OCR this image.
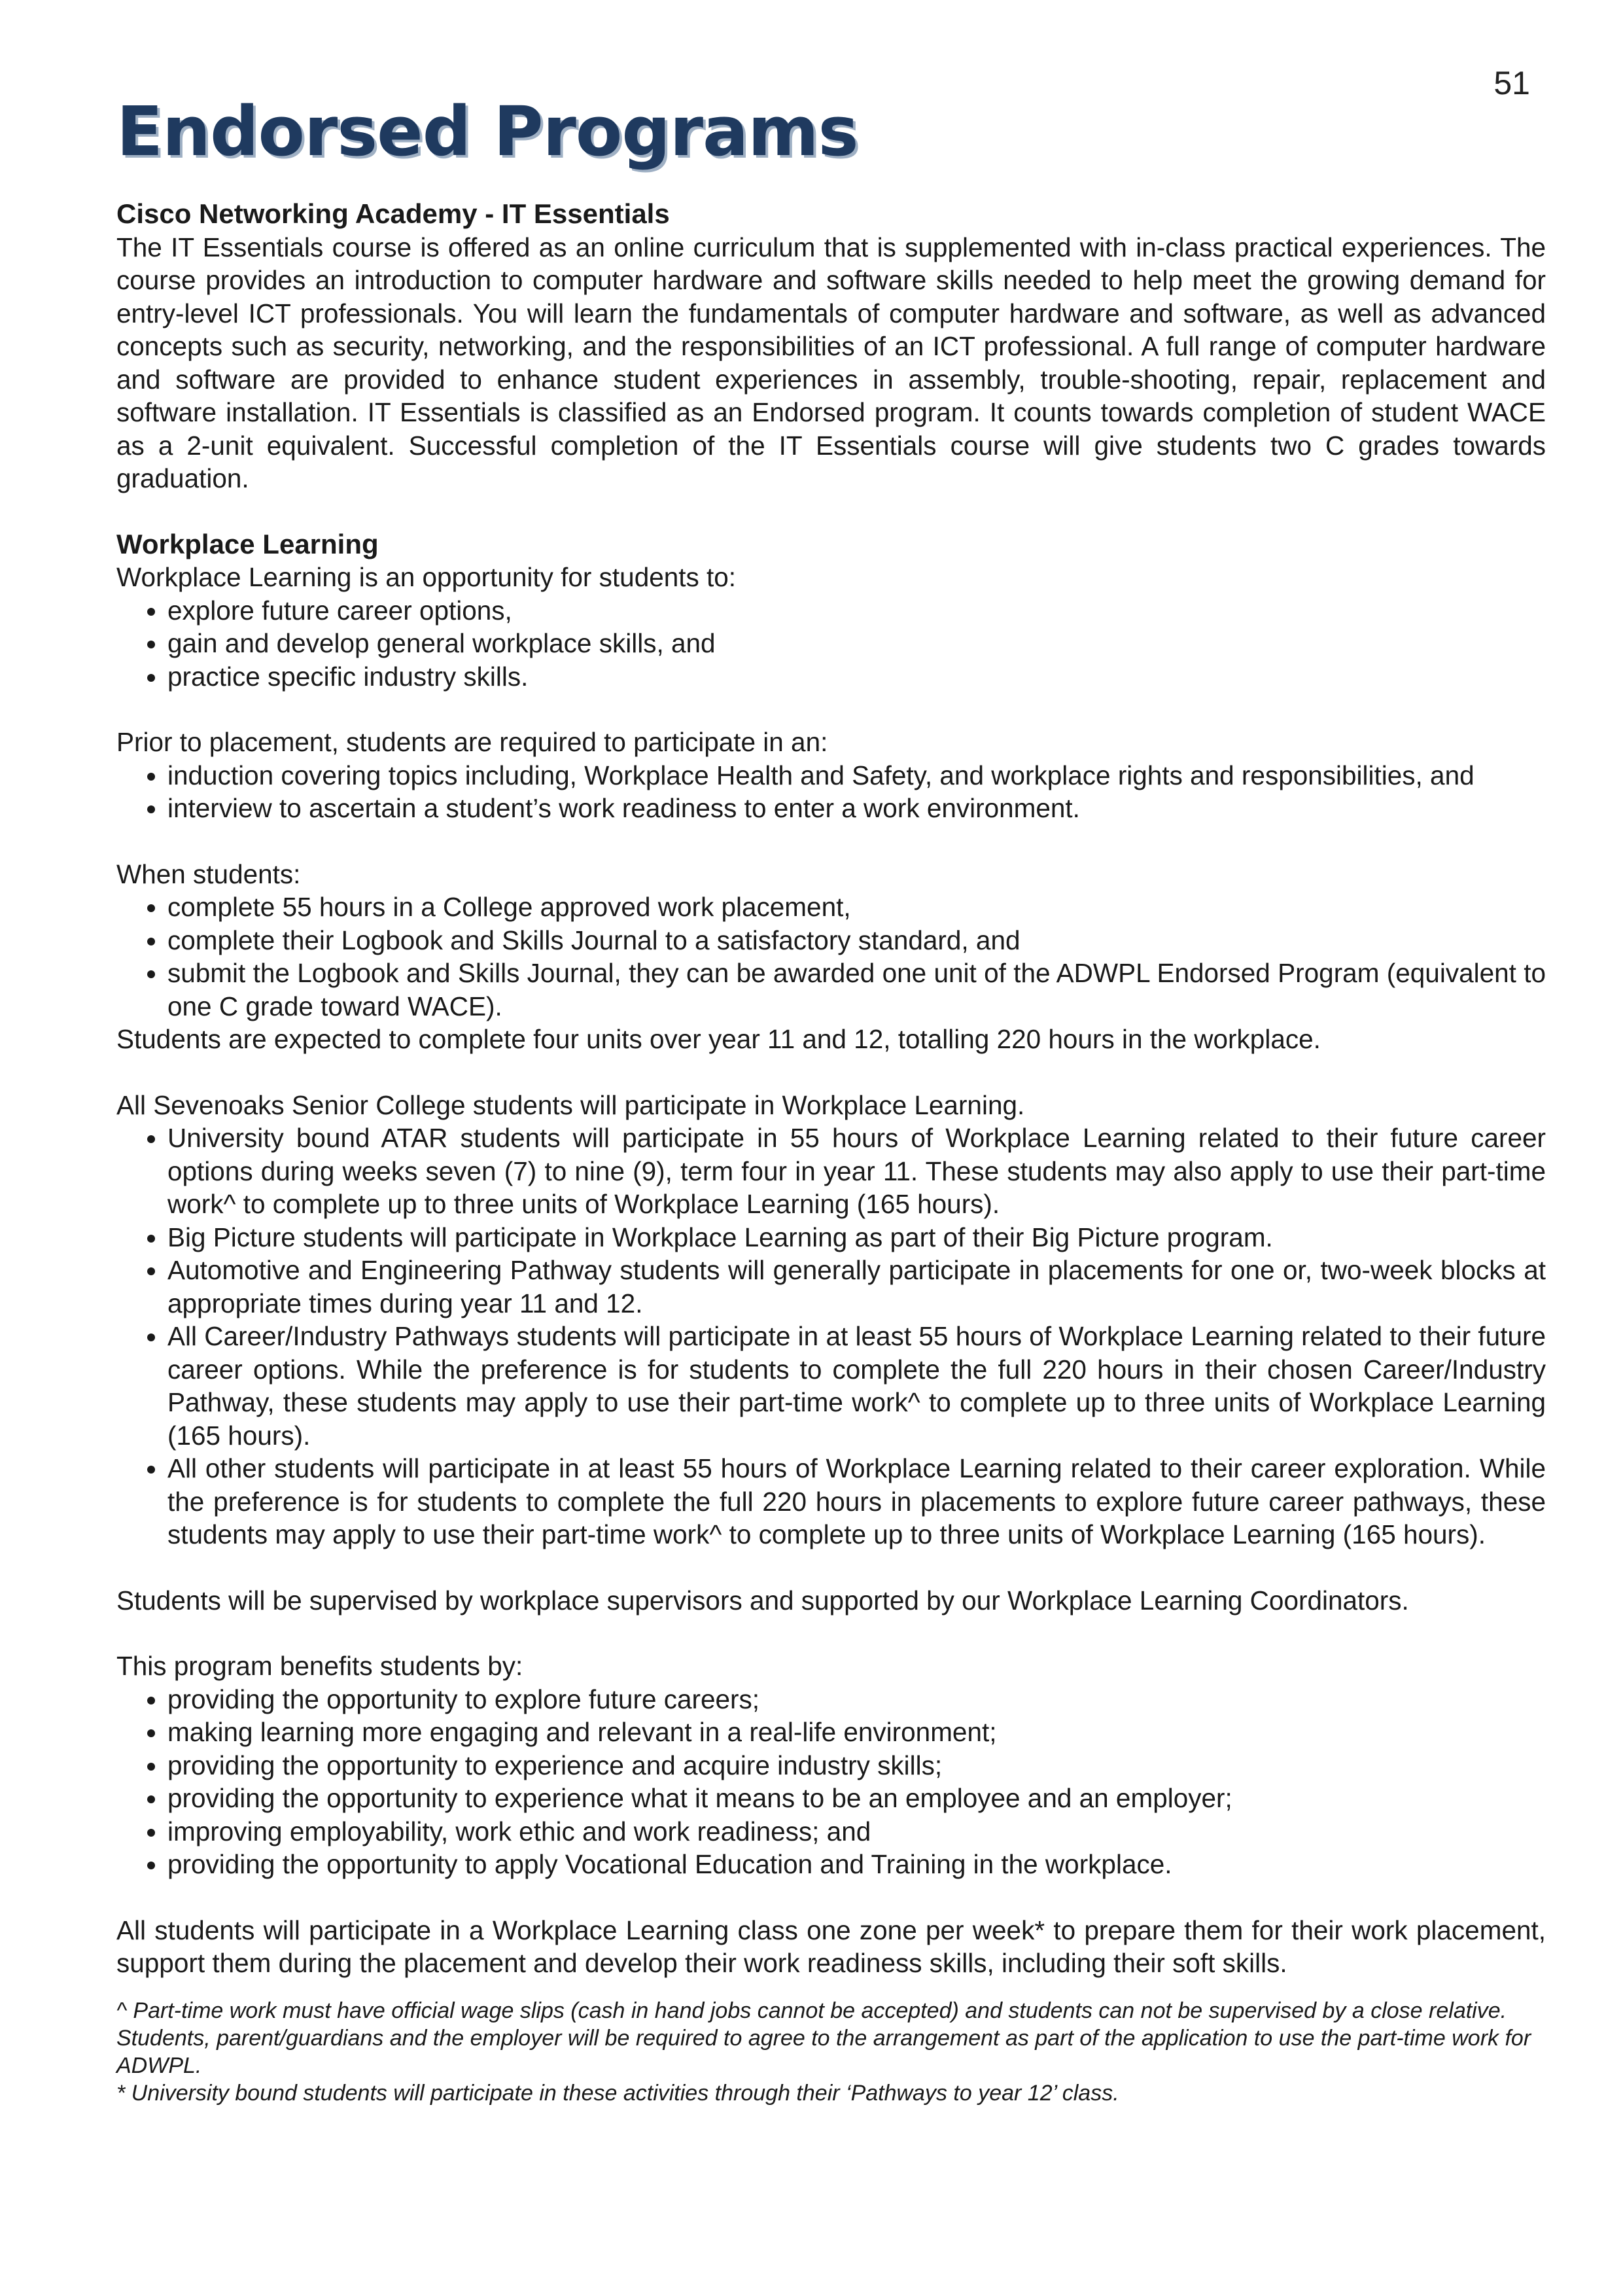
51
Endorsed Programs
Cisco Networking Academy - IT Essentials

The IT Essentials course is offered as an online curriculum that is supplemented with in-class practical experiences. The course provides an introduction to computer hardware and software skills needed to help meet the growing demand for entry-level ICT professionals. You will learn the fundamentals of computer hardware and software, as well as advanced concepts such as security, networking, and the responsibilities of an ICT professional. A full range of computer hardware and software are provided to enhance student experiences in assembly, trouble-shooting, repair, replacement and software installation. IT Essentials is classified as an Endorsed program. It counts towards completion of student WACE as a 2-unit equivalent. Successful completion of the IT Essentials course will give students two C grades towards graduation.

Workplace Learning

Workplace Learning is an opportunity for students to:

• explore future career options,
• gain and develop general workplace skills, and
• practice specific industry skills.

Prior to placement, students are required to participate in an:

• induction covering topics including, Workplace Health and Safety, and workplace rights and responsibilities, and
• interview to ascertain a student’s work readiness to enter a work environment.

When students:

• complete 55 hours in a College approved work placement,
• complete their Logbook and Skills Journal to a satisfactory standard, and
• submit the Logbook and Skills Journal, they can be awarded one unit of the ADWPL Endorsed Program (equivalent to one C grade toward WACE).

Students are expected to complete four units over year 11 and 12, totalling 220 hours in the workplace.

All Sevenoaks Senior College students will participate in Workplace Learning.

• University bound ATAR students will participate in 55 hours of Workplace Learning related to their future career options during weeks seven (7) to nine (9), term four in year 11. These students may also apply to use their part-time work^ to complete up to three units of Workplace Learning (165 hours).
• Big Picture students will participate in Workplace Learning as part of their Big Picture program.
• Automotive and Engineering Pathway students will generally participate in placements for one or, two-week blocks at appropriate times during year 11 and 12.
• All Career/Industry Pathways students will participate in at least 55 hours of Workplace Learning related to their future career options. While the preference is for students to complete the full 220 hours in their chosen Career/Industry Pathway, these students may apply to use their part-time work^ to complete up to three units of Workplace Learning (165 hours).
• All other students will participate in at least 55 hours of Workplace Learning related to their career exploration. While the preference is for students to complete the full 220 hours in placements to explore future career pathways, these students may apply to use their part-time work^ to complete up to three units of Workplace Learning (165 hours).

Students will be supervised by workplace supervisors and supported by our Workplace Learning Coordinators.

This program benefits students by:

• providing the opportunity to explore future careers;
• making learning more engaging and relevant in a real-life environment;
• providing the opportunity to experience and acquire industry skills;
• providing the opportunity to experience what it means to be an employee and an employer;
• improving employability, work ethic and work readiness; and
• providing the opportunity to apply Vocational Education and Training in the workplace.

All students will participate in a Workplace Learning class one zone per week* to prepare them for their work placement, support them during the placement and develop their work readiness skills, including their soft skills.

^ Part-time work must have official wage slips (cash in hand jobs cannot be accepted) and students can not be supervised by a close relative. Students, parent/guardians and the employer will be required to agree to the arrangement as part of the application to use the part-time work for ADWPL.

* University bound students will participate in these activities through their ‘Pathways to year 12’ class.
